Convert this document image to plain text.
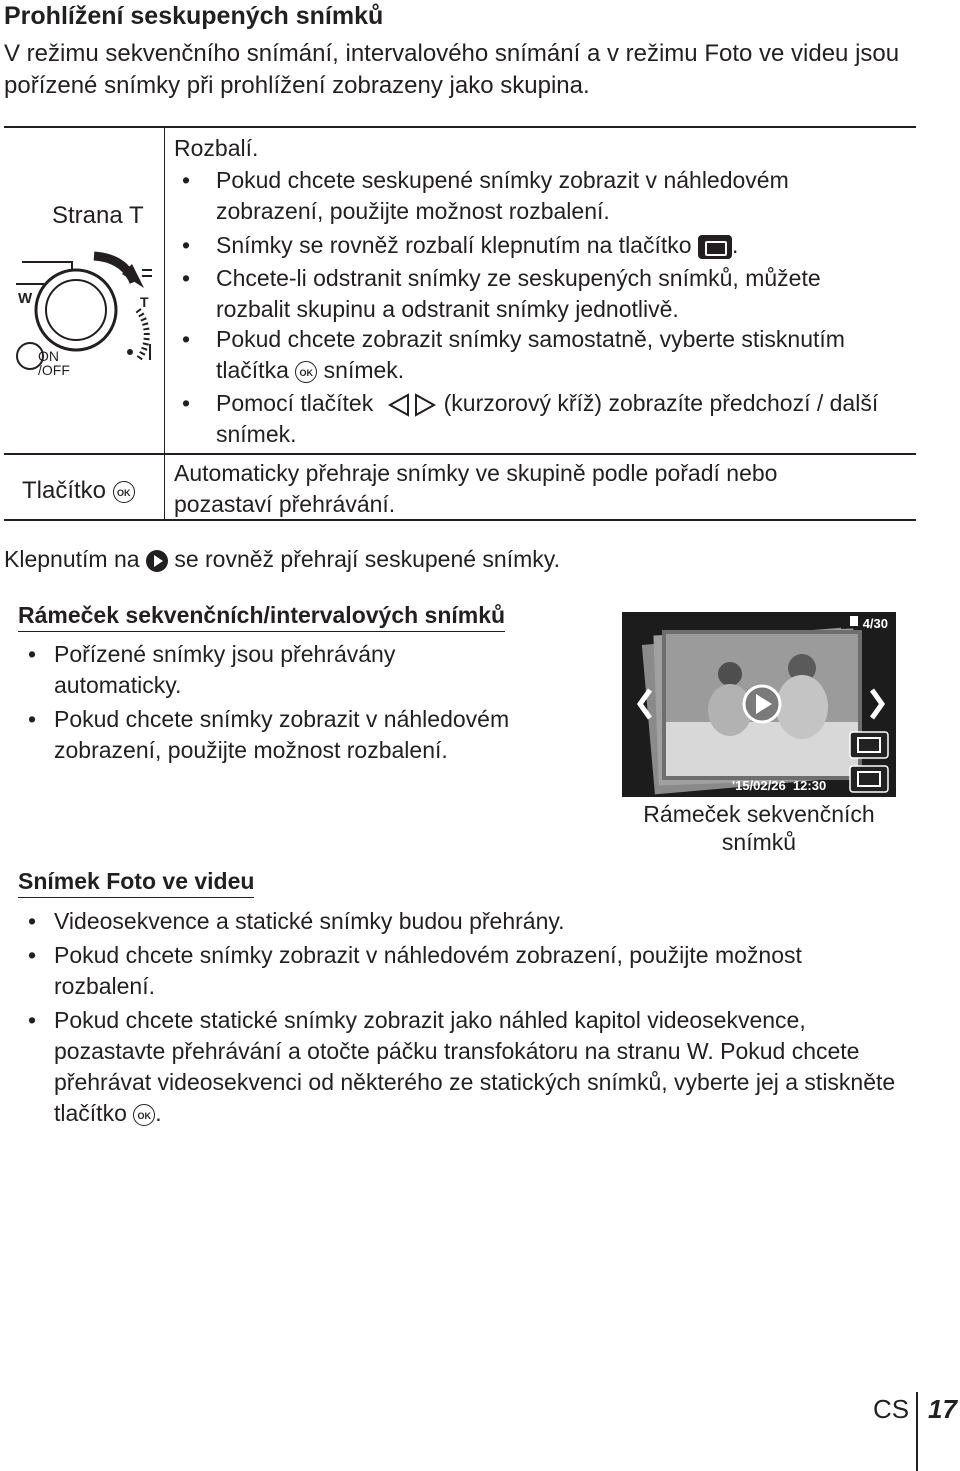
Prohlížení seskupených snímků
V režimu sekvenčního snímání, intervalového snímání a v režimu Foto ve videu jsou pořízené snímky při prohlížení zobrazeny jako skupina.
Strana T
W	T
ON
/OFF
Rozbalí.
• Pokud chcete seskupené snímky zobrazit v náhledovém zobrazení, použijte možnost rozbalení.
• Snímky se rovněž rozbalí klepnutím na tlačítko .
• Chcete-li odstranit snímky ze seskupených snímků, můžete rozbalit skupinu a odstranit snímky jednotlivě.
• Pokud chcete zobrazit snímky samostatně, vyberte stisknutím tlačítka OK snímek.
• Pomocí tlačítek	(kurzorový kříž) zobrazíte předchozí / další snímek.
Tlačítko OK
Automaticky přehraje snímky ve skupině podle pořadí nebo pozastaví přehrávání.
Klepnutím na se rovněž přehrají seskupené snímky.
Rámeček sekvenčních/intervalových snímků
• Pořízené snímky jsou přehrávány automaticky.
• Pokud chcete snímky zobrazit v náhledovém zobrazení, použijte možnost rozbalení.
4/30
'15/02/26 12:30
Rámeček sekvenčních snímků
Snímek Foto ve videu
• Videosekvence a statické snímky budou přehrány.
• Pokud chcete snímky zobrazit v náhledovém zobrazení, použijte možnost rozbalení.
• Pokud chcete statické snímky zobrazit jako náhled kapitol videosekvence, pozastavte přehrávání a otočte páčku transfokátoru na stranu W. Pokud chcete přehrávat videosekvenci od některého ze statických snímků, vyberte jej a stiskněte tlačítko OK .
CS 17
